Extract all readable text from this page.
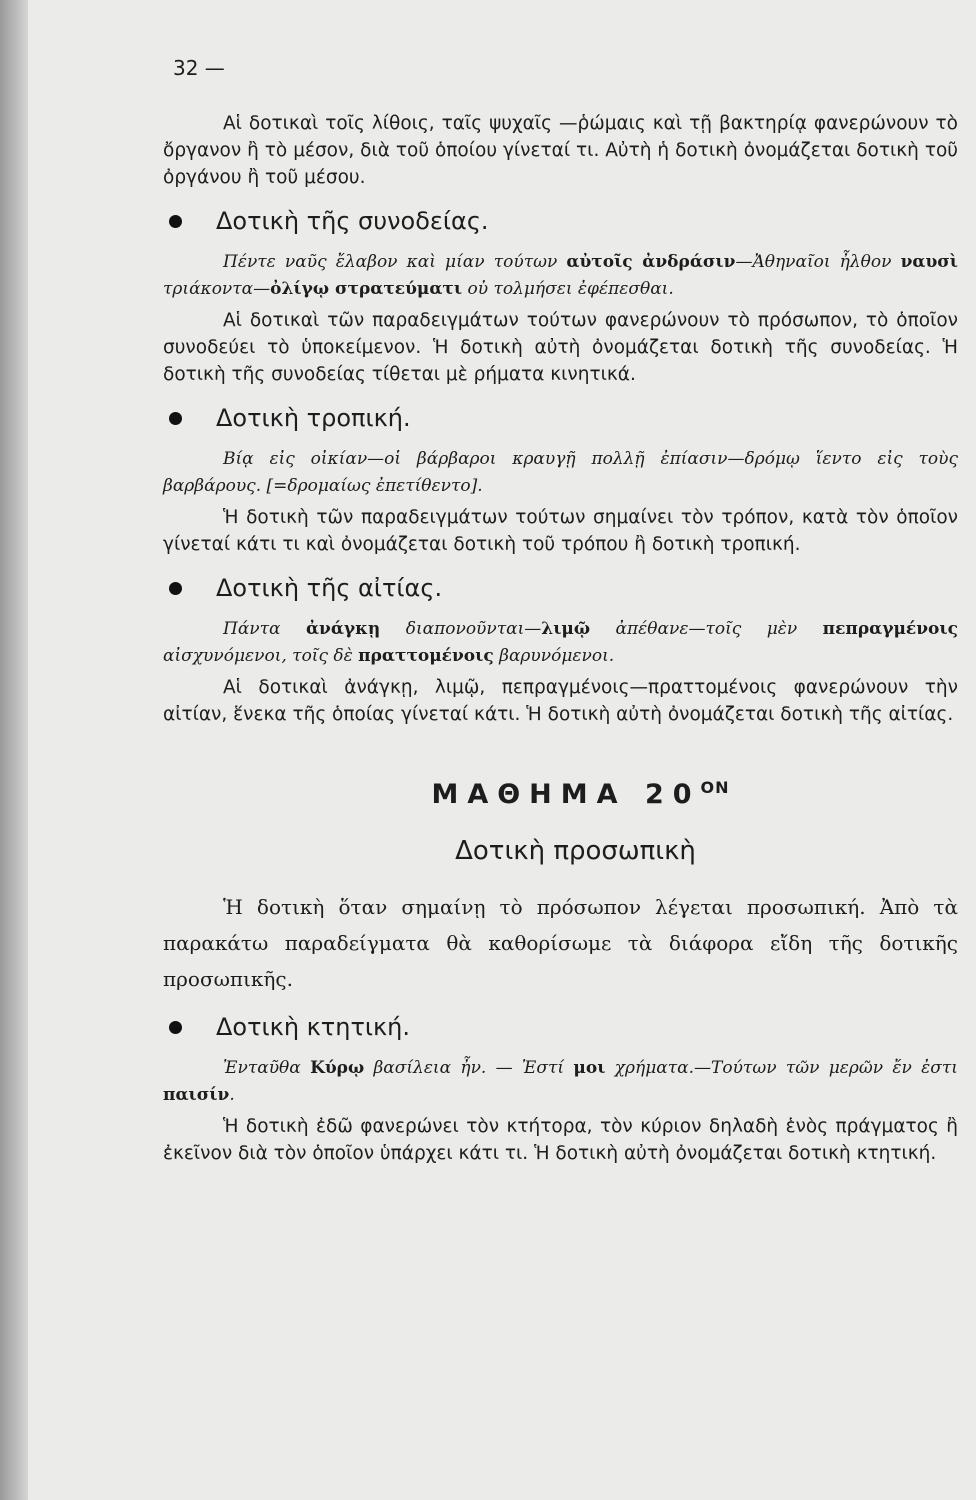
32 —

Αἱ δοτικαὶ τοῖς λίθοις, ταῖς ψυχαῖς —ῥώμαις καὶ τῇ βακτηρίᾳ φανερώνουν τὸ ὄργανον ἢ τὸ μέσον, διὰ τοῦ ὁποίου γίνεταί τι. Αὐτὴ ἡ δοτικὴ ὀνομάζεται δοτικὴ τοῦ ὀργάνου ἢ τοῦ μέσου.

Δοτικὴ τῆς συνοδείας.

Πέντε ναῦς ἔλαβον καὶ μίαν τούτων αὐτοῖς ἀνδράσιν—Ἀθηναῖοι ἦλθον ναυσὶ τριάκοντα—ὀλίγῳ στρατεύματι οὐ τολμήσει ἐφέπεσθαι.

Αἱ δοτικαὶ τῶν παραδειγμάτων τούτων φανερώνουν τὸ πρόσωπον, τὸ ὁποῖον συνοδεύει τὸ ὑποκείμενον. Ἡ δοτικὴ αὐτὴ ὀνομάζεται δοτικὴ τῆς συνοδείας. Ἡ δοτικὴ τῆς συνοδείας τίθεται μὲ ρήματα κινητικά.

Δοτικὴ τροπική.

Βίᾳ εἰς οἰκίαν—οἱ βάρβαροι κραυγῇ πολλῇ ἐπίασιν—δρόμῳ ἵεντο εἰς τοὺς βαρβάρους. [=δρομαίως ἐπετίθεντο].

Ἡ δοτικὴ τῶν παραδειγμάτων τούτων σημαίνει τὸν τρόπον, κατὰ τὸν ὁποῖον γίνεταί κάτι τι καὶ ὀνομάζεται δοτικὴ τοῦ τρόπου ἢ δοτικὴ τροπική.

Δοτικὴ τῆς αἰτίας.

Πάντα ἀνάγκῃ διαπονοῦνται—λιμῷ ἀπέθανε—τοῖς μὲν πεπραγμένοις αἰσχυνόμενοι, τοῖς δὲ πραττομένοις βαρυνόμενοι.

Αἱ δοτικαὶ ἀνάγκῃ, λιμῷ, πεπραγμένοις—πραττομένοις φανερώνουν τὴν αἰτίαν, ἕνεκα τῆς ὁποίας γίνεταί κάτι. Ἡ δοτικὴ αὐτὴ ὀνομάζεται δοτικὴ τῆς αἰτίας.

ΜΑΘΗΜΑ $20^{ON}$
Δοτικὴ προσωπικὴ

Ἡ δοτικὴ ὅταν σημαίνῃ τὸ πρόσωπον λέγεται προσωπική. Ἀπὸ τὰ παρακάτω παραδείγματα θὰ καθορίσωμε τὰ διάφορα εἴδη τῆς δοτικῆς προσωπικῆς.

Δοτικὴ κτητική.

Ἐνταῦθα Κύρῳ βασίλεια ἦν. — Ἐστί μοι χρήματα.—Τούτων τῶν μερῶν ἔν ἐστι παισίν.

Ἡ δοτικὴ ἐδῶ φανερώνει τὸν κτήτορα, τὸν κύριον δηλαδὴ ἑνὸς πράγματος ἢ ἐκεῖνον διὰ τὸν ὁποῖον ὑπάρχει κάτι τι. Ἡ δοτικὴ αὐτὴ ὀνομάζεται δοτικὴ κτητική.
